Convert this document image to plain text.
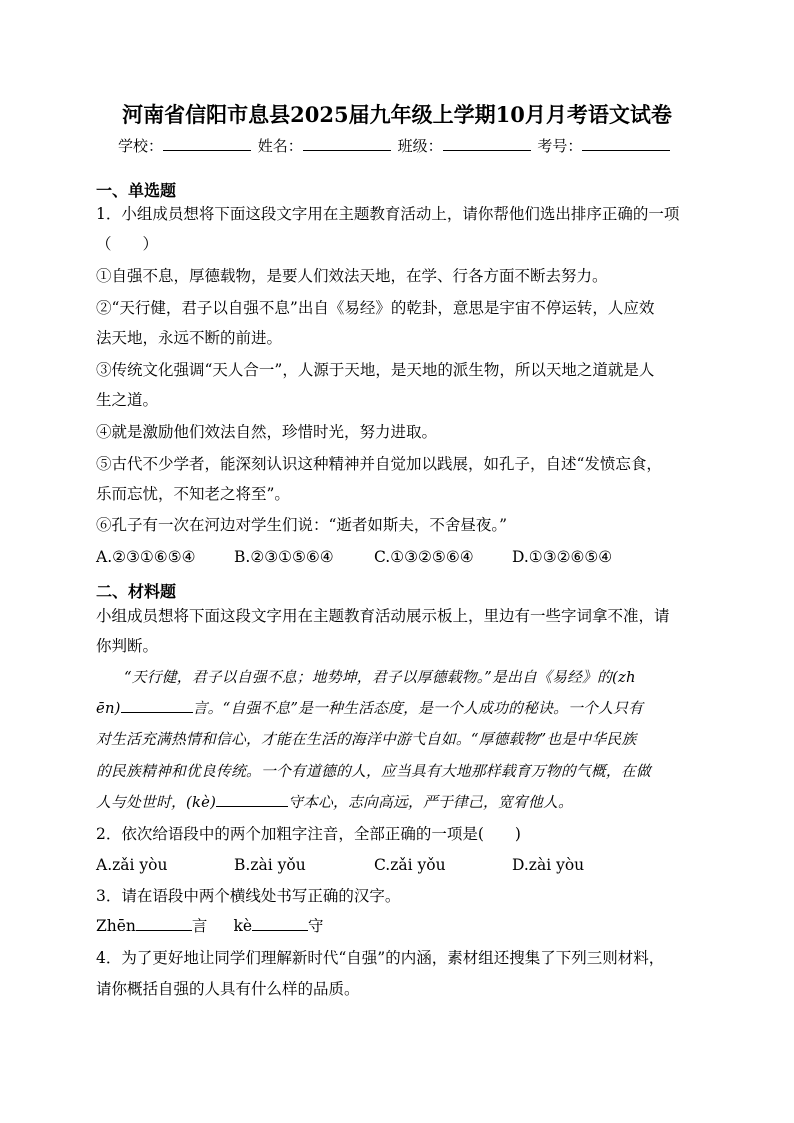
河南省信阳市息县2025届九年级上学期10月月考语文试卷
学校：	姓名：	班级：	考号：
一、单选题
1．小组成员想将下面这段文字用在主题教育活动上，请你帮他们选出排序正确的一项
（　　）
①自强不息，厚德载物，是要人们效法天地，在学、行各方面不断去努力。
②“天行健，君子以自强不息”出自《易经》的乾卦，意思是宇宙不停运转，人应效
法天地，永远不断的前进。
③传统文化强调“天人合一”，人源于天地，是天地的派生物，所以天地之道就是人
生之道。
④就是激励他们效法自然，珍惜时光，努力进取。
⑤古代不少学者，能深刻认识这种精神并自觉加以践展，如孔子，自述“发愤忘食，
乐而忘忧，不知老之将至”。
⑥孔子有一次在河边对学生们说：“逝者如斯夫，不舍昼夜。”
A.②③①⑥⑤④ B.②③①⑤⑥④	C.①③②⑤⑥④ D.①③②⑥⑤④
二、材料题
小组成员想将下面这段文字用在主题教育活动展示板上，里边有一些字词拿不准，请
你判断。
“天行健，君子以自强不息；地势坤，君子以厚德载物。”是出自《易经》的(zh
ēn)	言。“自强不息”是一种生活态度，是一个人成功的秘诀。一个人只有
对生活充满热情和信心，才能在生活的海洋中游弋自如。“厚德载物”也是中华民族
的民族精神和优良传统。一个有道德的人，应当具有大地那样载育万物的气概，在做
人与处世时，(kè)	守本心，志向高远，严于律己，宽宥他人。
2．依次给语段中的两个加粗字注音，全部正确的一项是(　　)
A.zǎi yòu	B.zài yǒu	C.zǎi yǒu	D.zài yòu
3．请在语段中两个横线处书写正确的汉字。
Zhēn	言 kè	守
4．为了更好地让同学们理解新时代“自强”的内涵，素材组还搜集了下列三则材料，
请你概括自强的人具有什么样的品质。
